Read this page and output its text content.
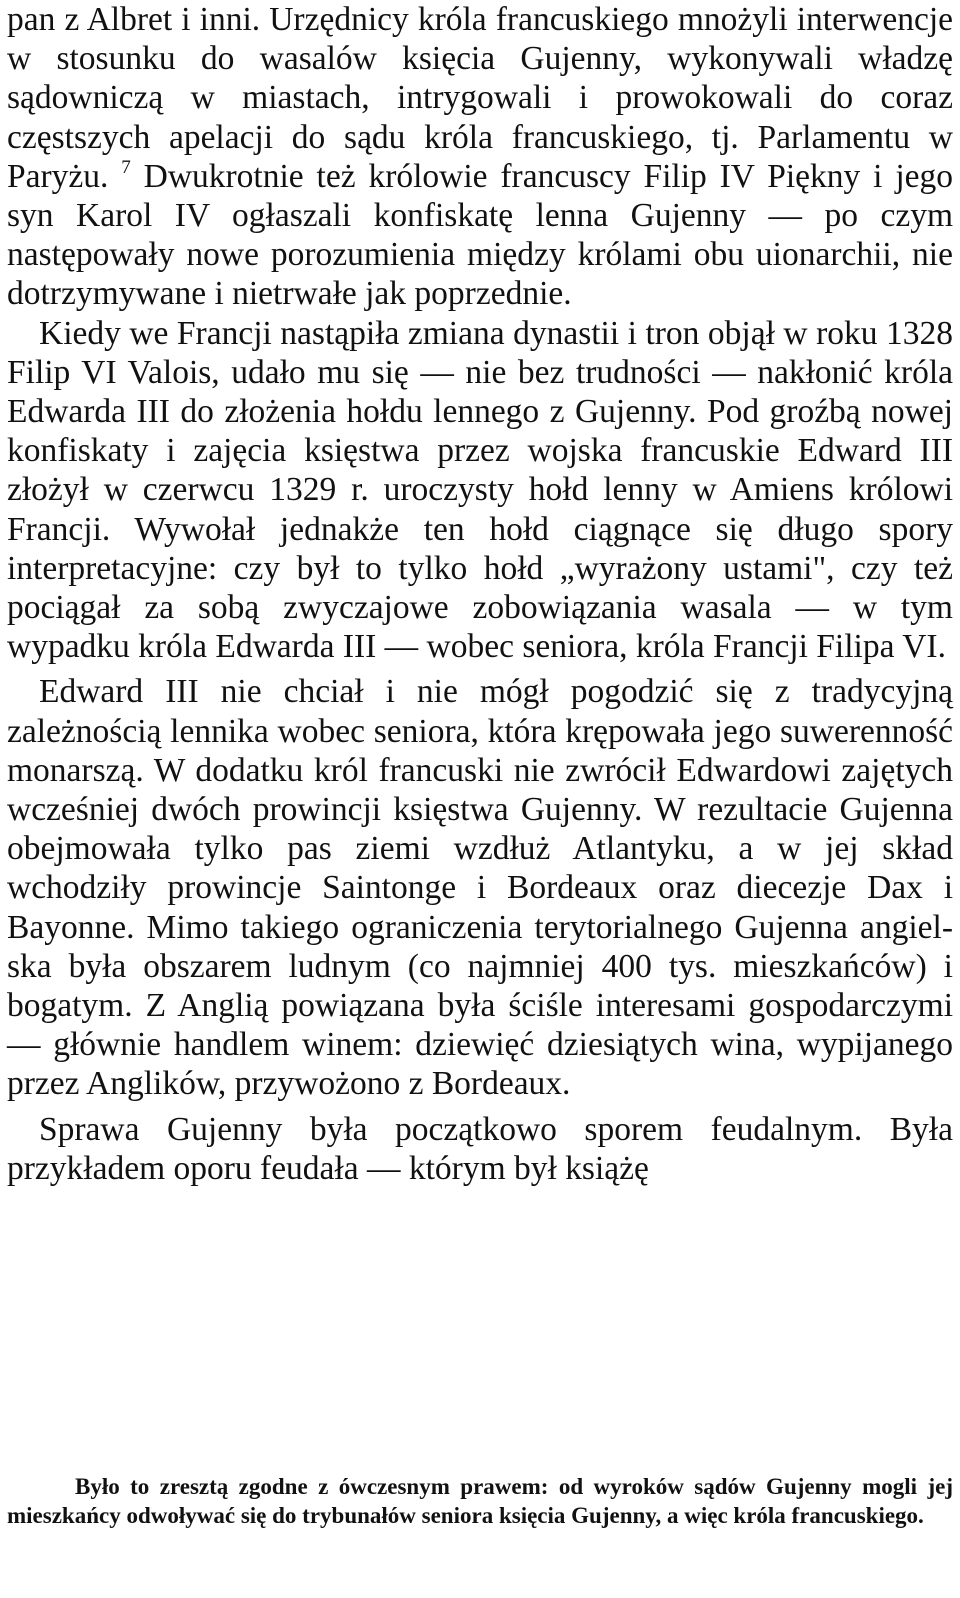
pan z Albret i inni. Urzędnicy króla francuskiego mnożyli interwencje w stosunku do wasalów księcia Gujenny, wykonywali władzę sądowniczą w miastach, intrygowali i prowokowali do coraz częstszych apelacji do sądu króla francuskiego, tj. Parlamentu w Paryżu. $^7$ Dwukrotnie też królowie francuscy Filip IV Piękny i jego syn Karol IV ogłaszali konfiskatę lenna Gujenny — po czym następowały nowe porozumienia między królami obu uionarchii, nie dotrzymywane i nietrwałe jak poprzednie.

Kiedy we Francji nastąpiła zmiana dynastii i tron objął w roku 1328 Filip VI Valois, udało mu się — nie bez trudności — nakłonić króla Edwarda III do złożenia hołdu lennego z Gujenny. Pod groźbą nowej konfiskaty i zajęcia księstwa przez wojska francuskie Edward III złożył w czerwcu 1329 r. uroczysty hołd lenny w Amiens królowi Francji. Wywołał jednakże ten hołd ciągnące się długo spory interpretacyjne: czy był to tylko hołd „wyrażony ustami", czy też pociągał za sobą zwyczajowe zobowiązania wasala — w tym wypadku króla Edwarda III — wobec seniora, króla Francji Filipa VI.

Edward III nie chciał i nie mógł pogodzić się z tradycyjną zależnością lennika wobec seniora, która krępowała jego suwerenność monarszą. W dodatku król francuski nie zwrócił Edwardowi zajętych wcześniej dwóch prowincji księstwa Gujenny. W rezultacie Gujenna obejmowała tylko pas ziemi wzdłuż Atlantyku, a w jej skład wchodziły prowincje Saintonge i Bordeaux oraz diecezje Dax i Bayonne. Mimo takiego ograniczenia terytorialnego Gujenna angielska była obszarem ludnym (co najmniej 400 tys. mieszkańców) i bogatym. Z Anglią powiązana była ściśle interesami gospodarczymi — głównie handlem winem: dziewięć dziesiątych wina, wypijanego przez Anglików, przywożono z Bordeaux.

Sprawa Gujenny była początkowo sporem feudalnym. Była przykładem oporu feudała — którym był książę

Było to zresztą zgodne z ówczesnym prawem: od wyroków sądów Gujenny mogli jej mieszkańcy odwoływać się do trybunałów seniora księcia Gujenny, a więc króla francuskiego.
